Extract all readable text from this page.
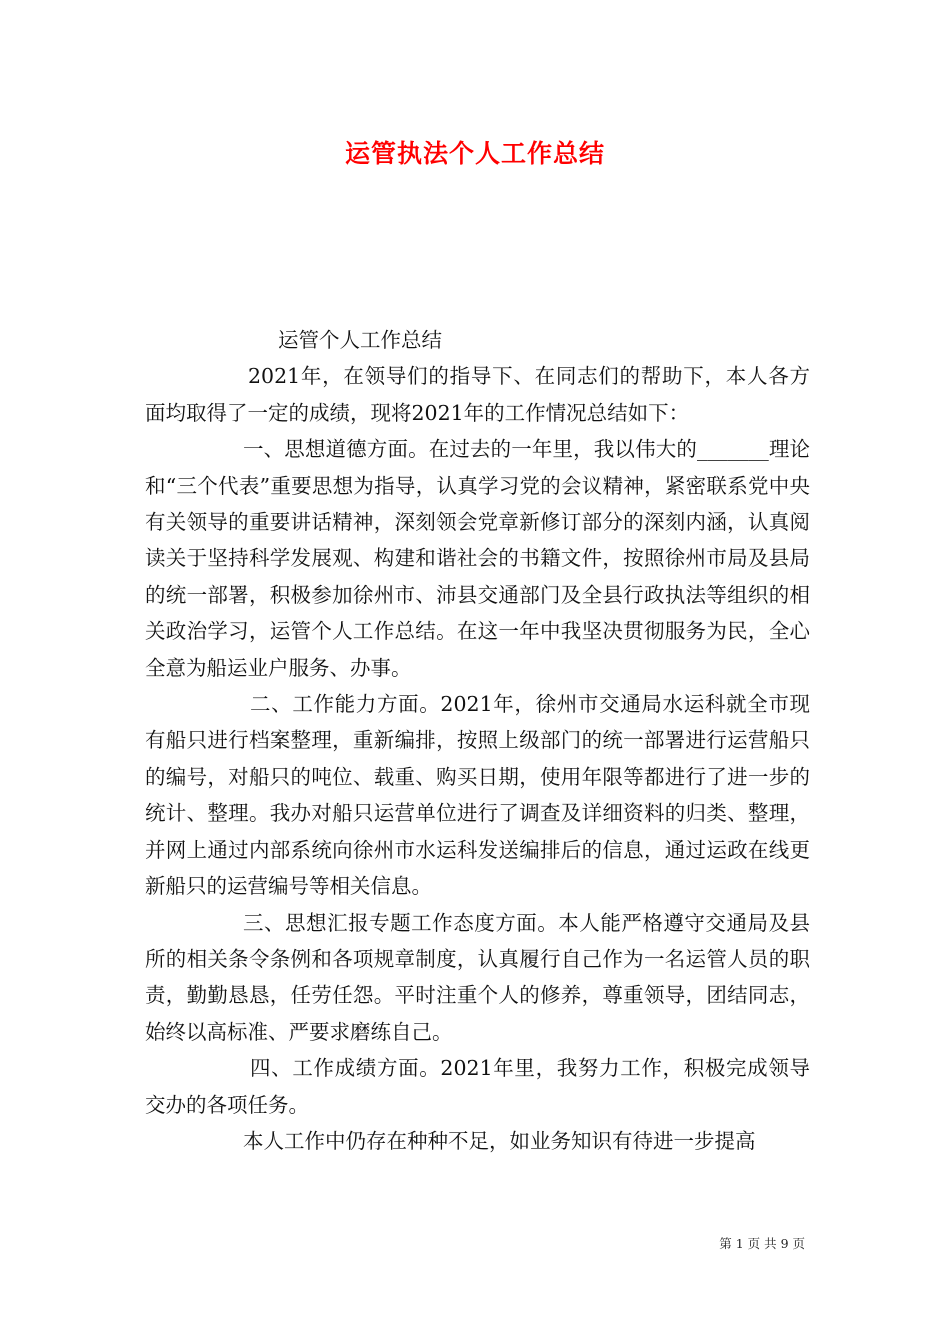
运管执法个人工作总结

运管个人工作总结

2021年，在领导们的指导下、在同志们的帮助下，本人各方面均取得了一定的成绩，现将2021年的工作情况总结如下：

一、思想道德方面。在过去的一年里，我以伟大的_______理论和“三个代表”重要思想为指导，认真学习党的会议精神，紧密联系党中央有关领导的重要讲话精神，深刻领会党章新修订部分的深刻内涵，认真阅读关于坚持科学发展观、构建和谐社会的书籍文件，按照徐州市局及县局的统一部署，积极参加徐州市、沛县交通部门及全县行政执法等组织的相关政治学习，运管个人工作总结。在这一年中我坚决贯彻服务为民，全心全意为船运业户服务、办事。

二、工作能力方面。2021年，徐州市交通局水运科就全市现有船只进行档案整理，重新编排，按照上级部门的统一部署进行运营船只的编号，对船只的吨位、载重、购买日期，使用年限等都进行了进一步的统计、整理。我办对船只运营单位进行了调查及详细资料的归类、整理，并网上通过内部系统向徐州市水运科发送编排后的信息，通过运政在线更新船只的运营编号等相关信息。

三、思想汇报专题工作态度方面。本人能严格遵守交通局及县所的相关条令条例和各项规章制度，认真履行自己作为一名运管人员的职责，勤勤恳恳，任劳任怨。平时注重个人的修养，尊重领导，团结同志，始终以高标准、严要求磨练自己。

四、工作成绩方面。2021年里，我努力工作，积极完成领导交办的各项任务。

本人工作中仍存在种种不足，如业务知识有待进一步提高

第 1 页 共 9 页
